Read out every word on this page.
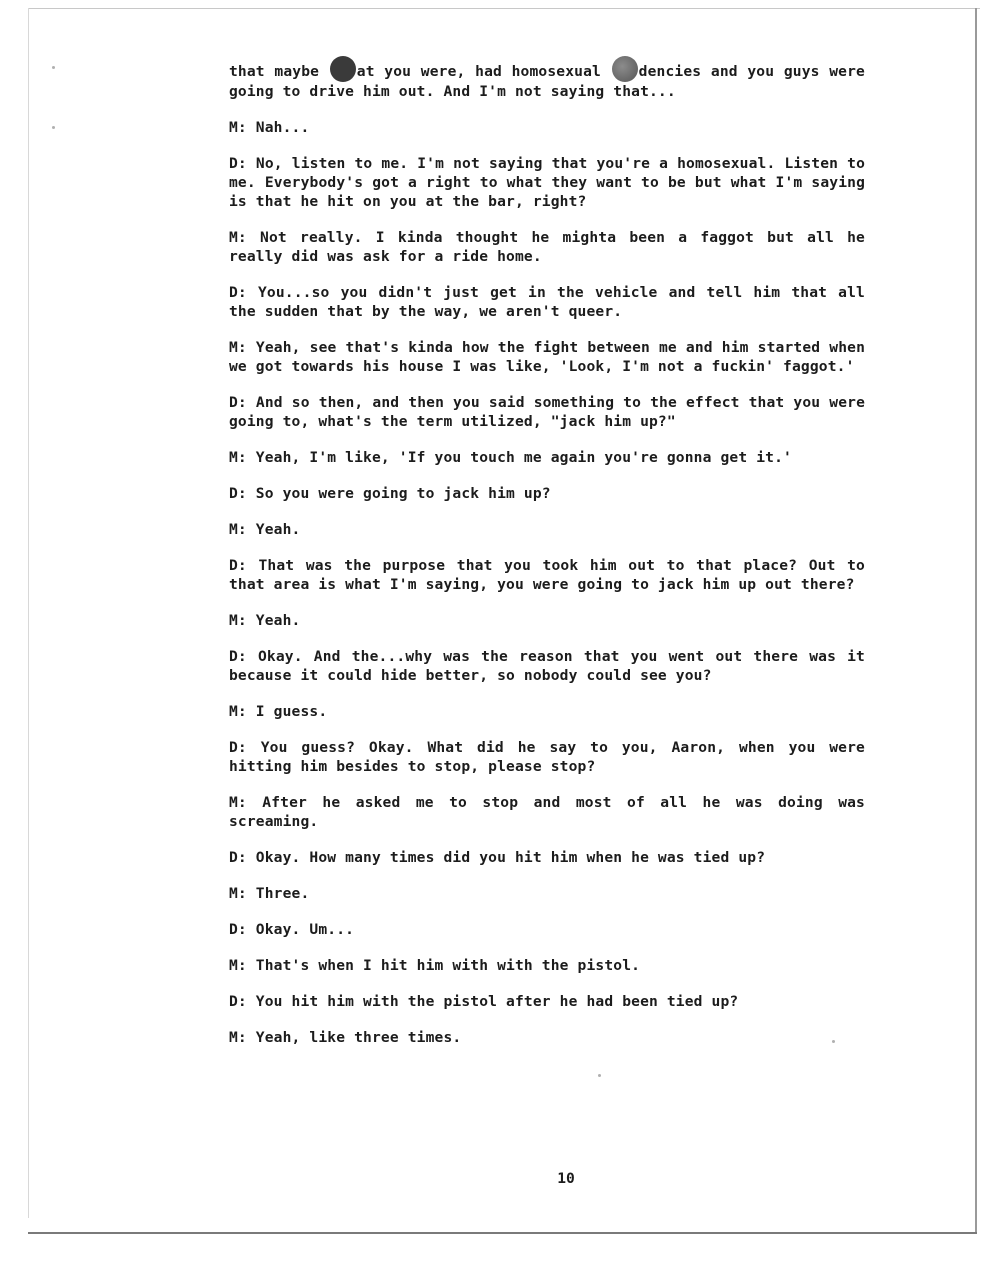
that maybe at you were, had homosexual dencies and you guys were going to drive him out. And I'm not saying that...

M: Nah...

D: No, listen to me. I'm not saying that you're a homosexual. Listen to me. Everybody's got a right to what they want to be but what I'm saying is that he hit on you at the bar, right?

M: Not really. I kinda thought he mighta been a faggot but all he really did was ask for a ride home.

D: You...so you didn't just get in the vehicle and tell him that all the sudden that by the way, we aren't queer.

M: Yeah, see that's kinda how the fight between me and him started when we got towards his house I was like, 'Look, I'm not a fuckin' faggot.'

D: And so then, and then you said something to the effect that you were going to, what's the term utilized, "jack him up?"

M: Yeah, I'm like, 'If you touch me again you're gonna get it.'

D: So you were going to jack him up?

M: Yeah.

D: That was the purpose that you took him out to that place? Out to that area is what I'm saying, you were going to jack him up out there?

M: Yeah.

D: Okay. And the...why was the reason that you went out there was it because it could hide better, so nobody could see you?

M: I guess.

D: You guess? Okay. What did he say to you, Aaron, when you were hitting him besides to stop, please stop?

M: After he asked me to stop and most of all he was doing was screaming.

D: Okay. How many times did you hit him when he was tied up?

M: Three.

D: Okay. Um...

M: That's when I hit him with with the pistol.

D: You hit him with the pistol after he had been tied up?

M: Yeah, like three times.

10
